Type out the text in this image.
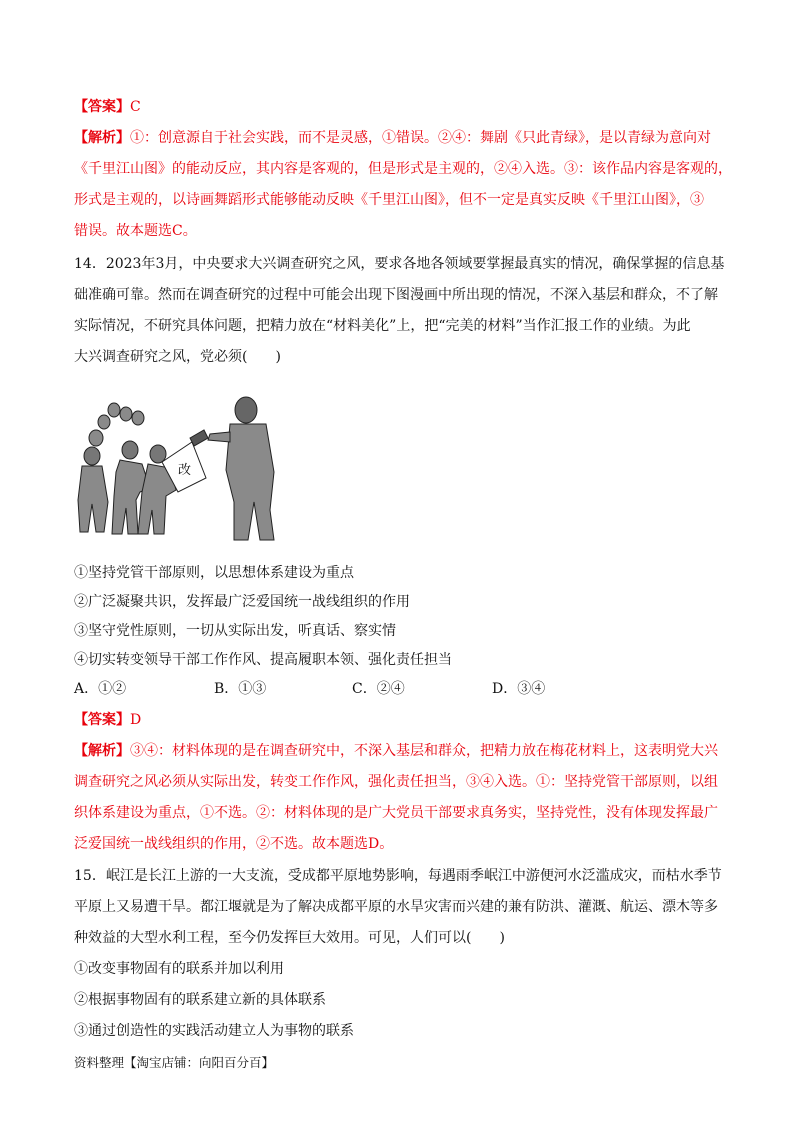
【答案】C
【解析】①：创意源自于社会实践，而不是灵感，①错误。②④：舞剧《只此青绿》，是以青绿为意向对
《千里江山图》的能动反应，其内容是客观的，但是形式是主观的，②④入选。③：该作品内容是客观的，
形式是主观的，以诗画舞蹈形式能够能动反映《千里江山图》，但不一定是真实反映《千里江山图》，③
错误。故本题选C。
14．2023年3月，中央要求大兴调查研究之风，要求各地各领域要掌握最真实的情况，确保掌握的信息基
础准确可靠。然而在调查研究的过程中可能会出现下图漫画中所出现的情况，不深入基层和群众，不了解
实际情况，不研究具体问题，把精力放在“材料美化”上，把“完美的材料”当作汇报工作的业绩。为此
大兴调查研究之风，党必须(　　)
改
①坚持党管干部原则，以思想体系建设为重点
②广泛凝聚共识，发挥最广泛爱国统一战线组织的作用
③坚守党性原则，一切从实际出发，听真话、察实情
④切实转变领导干部工作作风、提高履职本领、强化责任担当
A．①②	B．①③	C．②④	D．③④
【答案】D
【解析】③④：材料体现的是在调查研究中，不深入基层和群众，把精力放在梅花材料上，这表明党大兴
调查研究之风必须从实际出发，转变工作作风，强化责任担当，③④入选。①：坚持党管干部原则，以组
织体系建设为重点，①不选。②：材料体现的是广大党员干部要求真务实，坚持党性，没有体现发挥最广
泛爱国统一战线组织的作用，②不选。故本题选D。
15．岷江是长江上游的一大支流，受成都平原地势影响，每遇雨季岷江中游便河水泛滥成灾，而枯水季节
平原上又易遭干旱。都江堰就是为了解决成都平原的水旱灾害而兴建的兼有防洪、灌溉、航运、漂木等多
种效益的大型水利工程，至今仍发挥巨大效用。可见，人们可以(　　)
①改变事物固有的联系并加以利用
②根据事物固有的联系建立新的具体联系
③通过创造性的实践活动建立人为事物的联系
资料整理【淘宝店铺：向阳百分百】
